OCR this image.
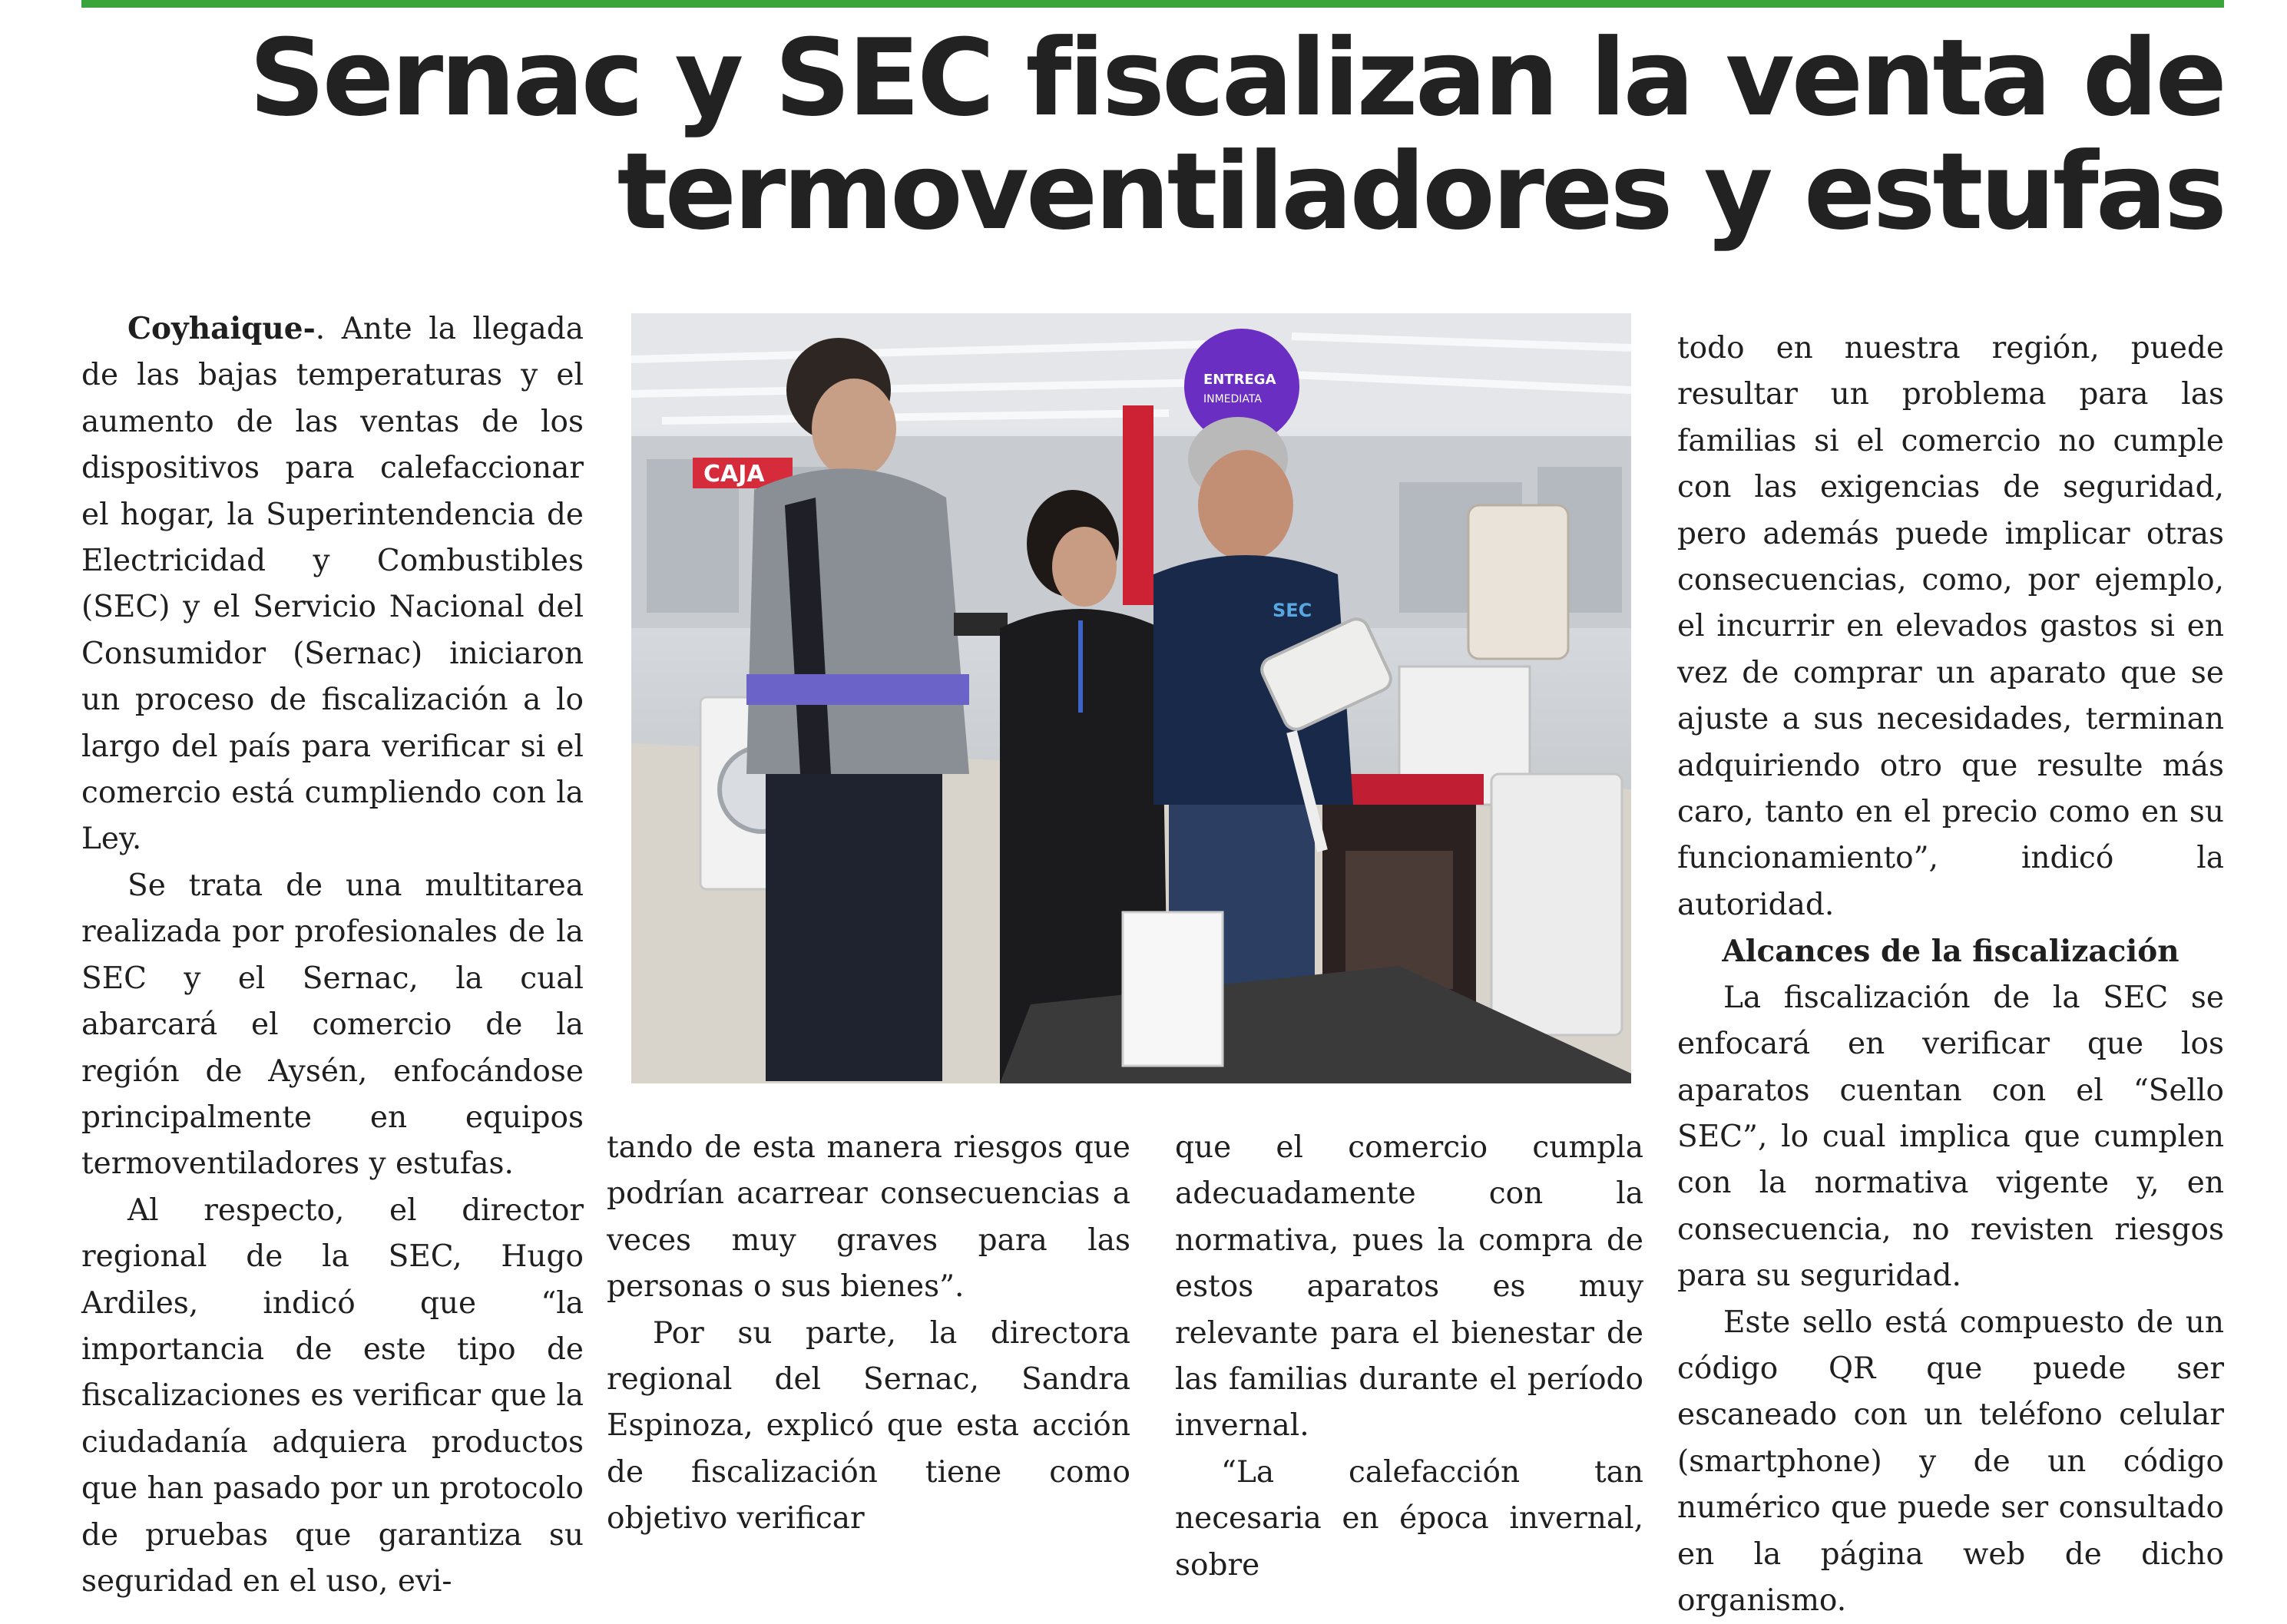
Sernac y SEC fiscalizan la venta de termoventiladores y estufas

Coyhaique-. Ante la llegada de las bajas temperaturas y el aumento de las ventas de los dispositivos para calefaccionar el hogar, la Superintendencia de Electricidad y Combustibles (SEC) y el Servicio Nacional del Consumidor (Sernac) iniciaron un proceso de fiscalización a lo largo del país para verificar si el comercio está cumpliendo con la Ley.

Se trata de una multitarea realizada por profesionales de la SEC y el Sernac, la cual abarcará el comercio de la región de Aysén, enfocándose principalmente en equipos termoventiladores y estufas.

Al respecto, el director regional de la SEC, Hugo Ardiles, indicó que “la importancia de este tipo de fiscalizaciones es verificar que la ciudadanía adquiera productos que han pasado por un protocolo de pruebas que garantiza su seguridad en el uso, evi-

CAJA
ENTREGA
INMEDIATA
SEC

tando de esta manera riesgos que podrían acarrear consecuencias a veces muy graves para las personas o sus bienes”.

Por su parte, la directora regional del Sernac, Sandra Espinoza, explicó que esta acción de fiscalización tiene como objetivo verificar

que el comercio cumpla adecuadamente con la normativa, pues la compra de estos aparatos es muy relevante para el bienestar de las familias durante el período invernal.

“La calefacción tan necesaria en época invernal, sobre

todo en nuestra región, puede resultar un problema para las familias si el comercio no cumple con las exigencias de seguridad, pero además puede implicar otras consecuencias, como, por ejemplo, el incurrir en elevados gastos si en vez de comprar un aparato que se ajuste a sus necesidades, terminan adquiriendo otro que resulte más caro, tanto en el precio como en su funcionamiento”, indicó la autoridad.

Alcances de la fiscalización

La fiscalización de la SEC se enfocará en verificar que los aparatos cuentan con el “Sello SEC”, lo cual implica que cumplen con la normativa vigente y, en consecuencia, no revisten riesgos para su seguridad.

Este sello está compuesto de un código QR que puede ser escaneado con un teléfono celular (smartphone) y de un código numérico que puede ser consultado en la página web de dicho organismo.
